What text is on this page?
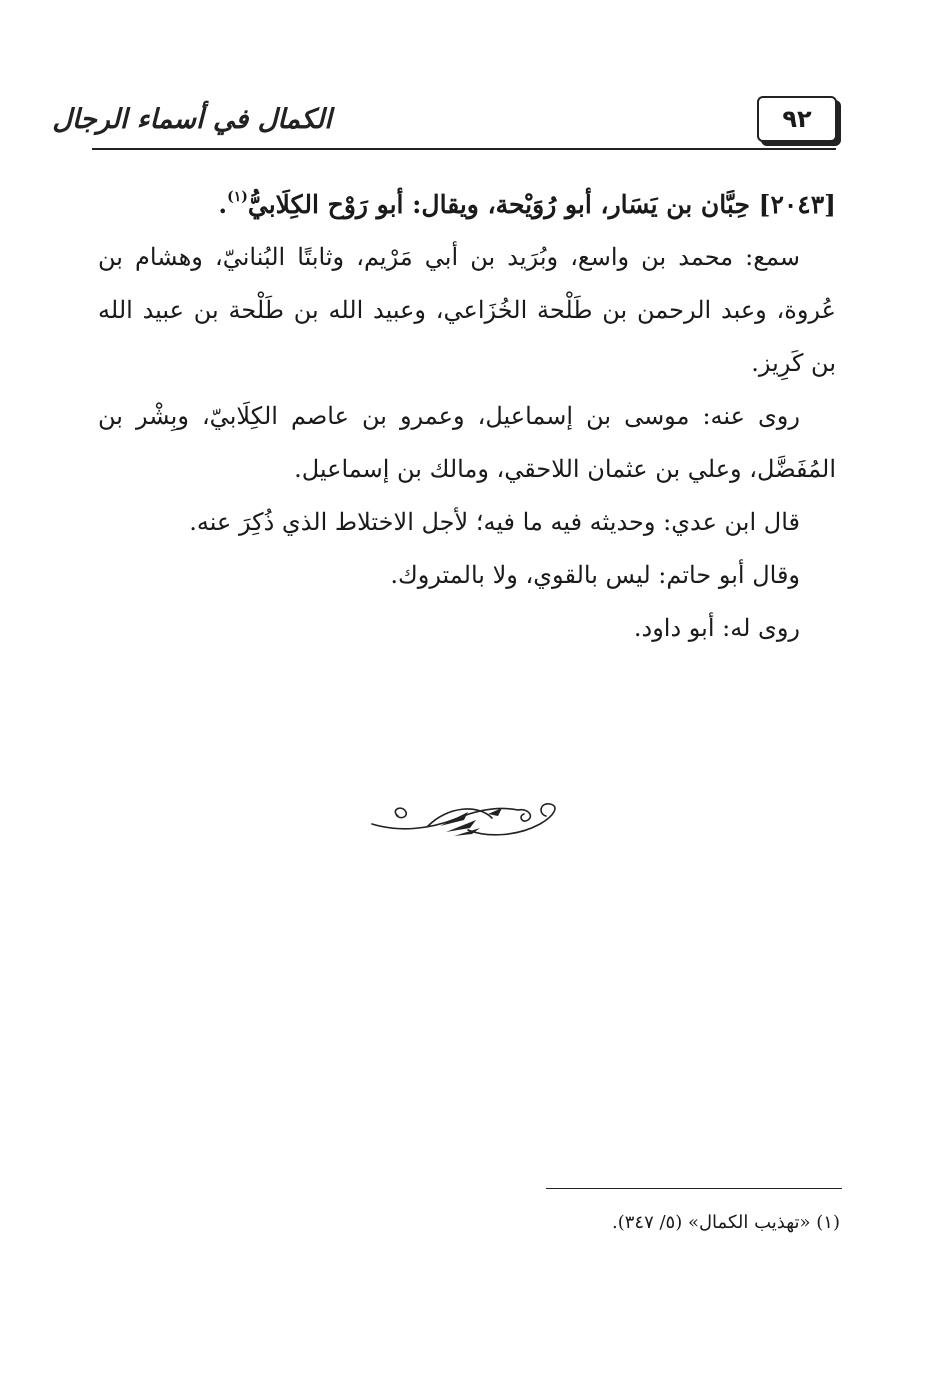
٩٢
الكمال في أسماء الرجال

[٢٠٤٣] حِبَّان بن يَسَار، أبو رُوَيْحة، ويقال: أبو رَوْح الكِلَابيُّ$^{(١)}$.

سمع: محمد بن واسع، وبُرَيد بن أبي مَرْيم، وثابتًا البُنانيّ، وهشام بن عُروة، وعبد الرحمن بن طَلْحة الخُزَاعي، وعبيد الله بن طَلْحة بن عبيد الله بن كَرِيز.

روى عنه: موسى بن إسماعيل، وعمرو بن عاصم الكِلَابيّ، وبِشْر بن المُفَضَّل، وعلي بن عثمان اللاحقي، ومالك بن إسماعيل.

قال ابن عدي: وحديثه فيه ما فيه؛ لأجل الاختلاط الذي ذُكِرَ عنه.

وقال أبو حاتم: ليس بالقوي، ولا بالمتروك.

روى له: أبو داود.

(١) «تهذيب الكمال» (٥/ ٣٤٧).
